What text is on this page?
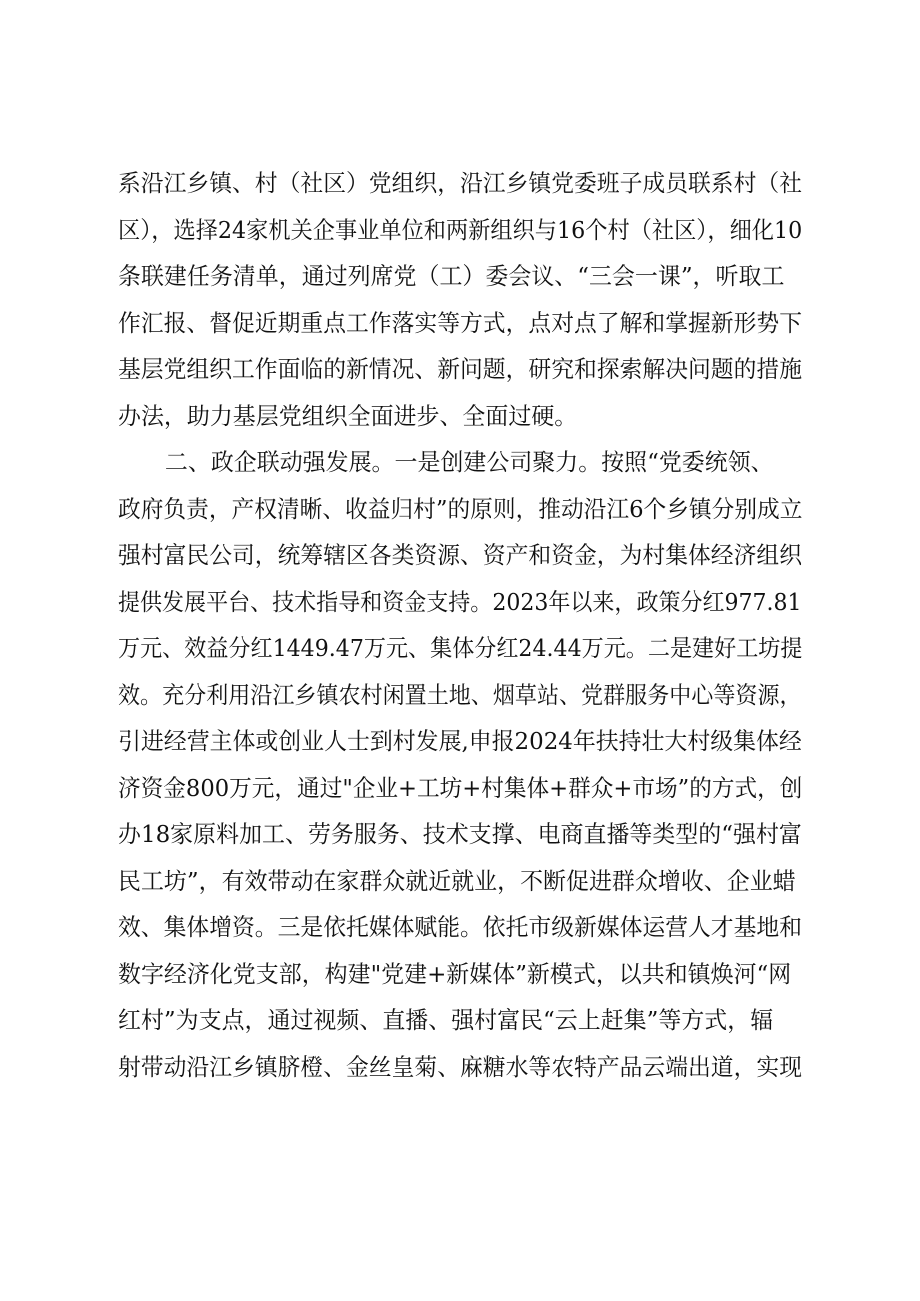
系沿江乡镇、村（社区）党组织，沿江乡镇党委班子成员联系村（社
区），选择24家机关企事业单位和两新组织与16个村（社区），细化10
条联建任务清单，通过列席党（工）委会议、“三会一课”，听取工
作汇报、督促近期重点工作落实等方式，点对点了解和掌握新形势下
基层党组织工作面临的新情况、新问题，研究和探索解决问题的措施
办法，助力基层党组织全面进步、全面过硬。
二、政企联动强发展。一是创建公司聚力。按照“党委统领、
政府负责，产权清晰、收益归村”的原则，推动沿江6个乡镇分别成立
强村富民公司，统筹辖区各类资源、资产和资金，为村集体经济组织
提供发展平台、技术指导和资金支持。2023年以来，政策分红977.81
万元、效益分红1449.47万元、集体分红24.44万元。二是建好工坊提
效。充分利用沿江乡镇农村闲置土地、烟草站、党群服务中心等资源，
引进经营主体或创业人士到村发展,申报2024年扶持壮大村级集体经
济资金800万元，通过"企业+工坊+村集体+群众+市场”的方式，创
办18家原料加工、劳务服务、技术支撑、电商直播等类型的“强村富
民工坊”，有效带动在家群众就近就业，不断促进群众增收、企业蜡
效、集体增资。三是依托媒体赋能。依托市级新媒体运营人才基地和
数字经济化党支部，构建"党建+新媒体”新模式，以共和镇焕河“网
红村”为支点，通过视频、直播、强村富民“云上赶集”等方式，辐
射带动沿江乡镇脐橙、金丝皇菊、麻糖水等农特产品云端出道，实现
